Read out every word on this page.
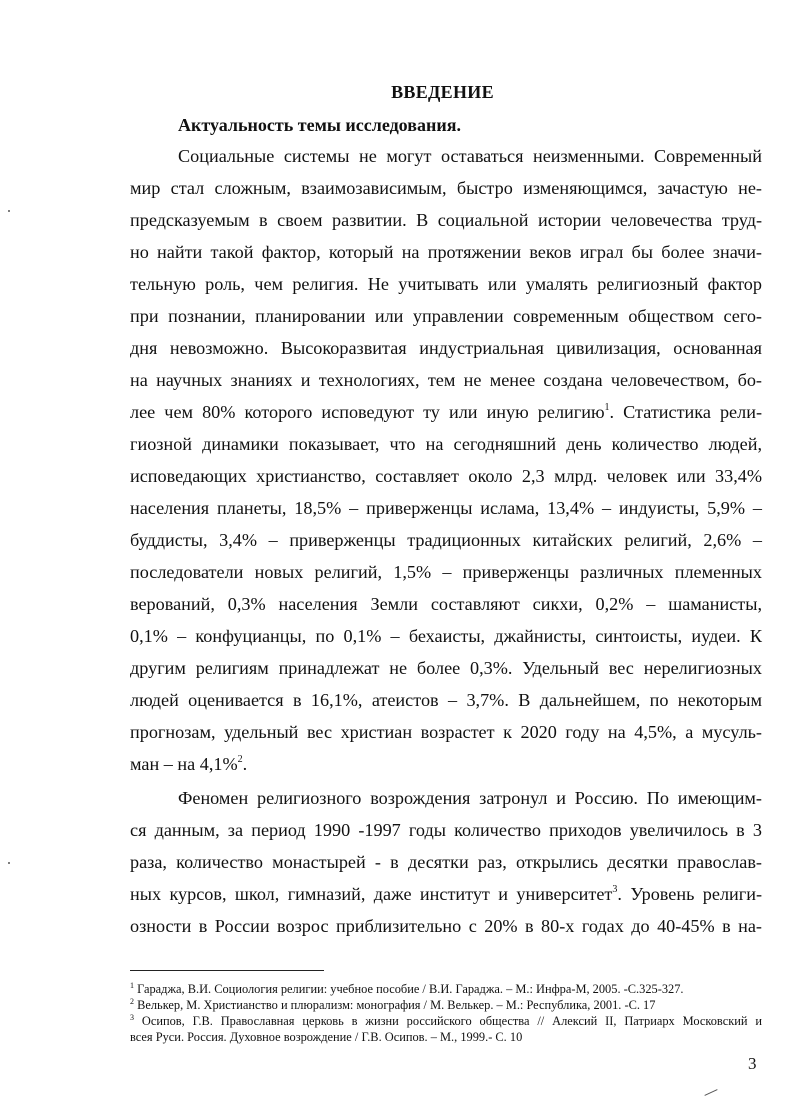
ВВЕДЕНИЕ
Актуальность темы исследования.
Социальные системы не могут оставаться неизменными. Современный
мир стал сложным, взаимозависимым, быстро изменяющимся, зачастую не-
предсказуемым в своем развитии. В социальной истории человечества труд-
но найти такой фактор, который на протяжении веков играл бы более значи-
тельную роль, чем религия. Не учитывать или умалять религиозный фактор
при познании, планировании или управлении современным обществом сего-
дня невозможно. Высокоразвитая индустриальная цивилизация, основанная
на научных знаниях и технологиях, тем не менее создана человечеством, бо-
лее чем 80% которого исповедуют ту или иную религию$^1$. Статистика рели-
гиозной динамики показывает, что на сегодняшний день количество людей,
исповедающих христианство, составляет около 2,3 млрд. человек или 33,4%
населения планеты, 18,5% – приверженцы ислама, 13,4% – индуисты, 5,9% –
буддисты, 3,4% – приверженцы традиционных китайских религий, 2,6% –
последователи новых религий, 1,5% – приверженцы различных племенных
верований, 0,3% населения Земли составляют сикхи, 0,2% – шаманисты,
0,1% – конфуцианцы, по 0,1% – бехаисты, джайнисты, синтоисты, иудеи. К
другим религиям принадлежат не более 0,3%. Удельный вес нерелигиозных
людей оценивается в 16,1%, атеистов – 3,7%. В дальнейшем, по некоторым
прогнозам, удельный вес христиан возрастет к 2020 году на 4,5%, а мусуль-
ман – на 4,1%$^2$.
Феномен религиозного возрождения затронул и Россию. По имеющим-
ся данным, за период 1990 -1997 годы количество приходов увеличилось в 3
раза, количество монастырей - в десятки раз, открылись десятки православ-
ных курсов, школ, гимназий, даже институт и университет$^3$. Уровень религи-
озности в России возрос приблизительно с 20% в 80-х годах до 40-45% в на-
$^1$ Гараджа, В.И. Социология религии: учебное пособие / В.И. Гараджа. – М.: Инфра-М, 2005. -С.325-327.
$^2$ Велькер, М. Христианство и плюрализм: монография / М. Велькер. – М.: Республика, 2001. -С. 17
$^3$ Осипов, Г.В. Православная церковь в жизни российского общества // Алексий II, Патриарх Московский и
всея Руси. Россия. Духовное возрождение / Г.В. Осипов. – М., 1999.- С. 10
3
